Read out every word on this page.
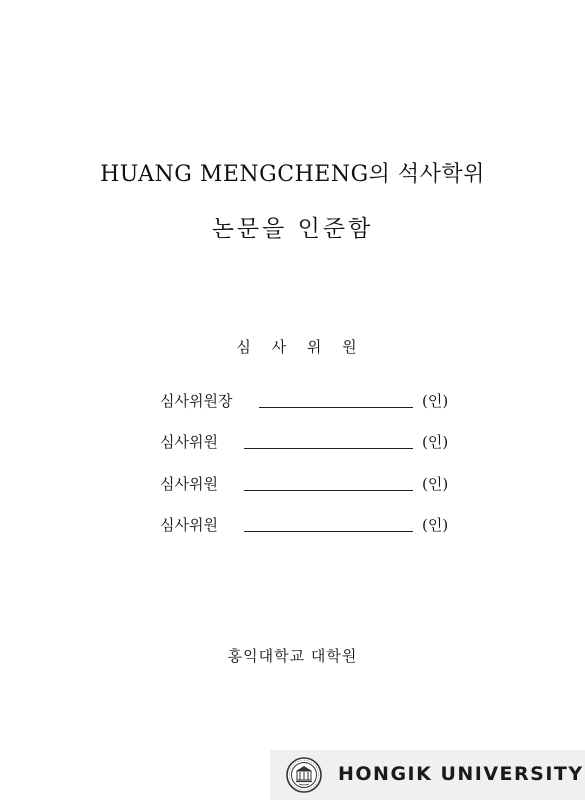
HUANG MENGCHENG의 석사학위
논문을 인준함
심 사 위 원
심사위원장	(인)
심사위원	(인)
심사위원	(인)
심사위원	(인)
홍익대학교 대학원
HONGIK UNIVERSITY
